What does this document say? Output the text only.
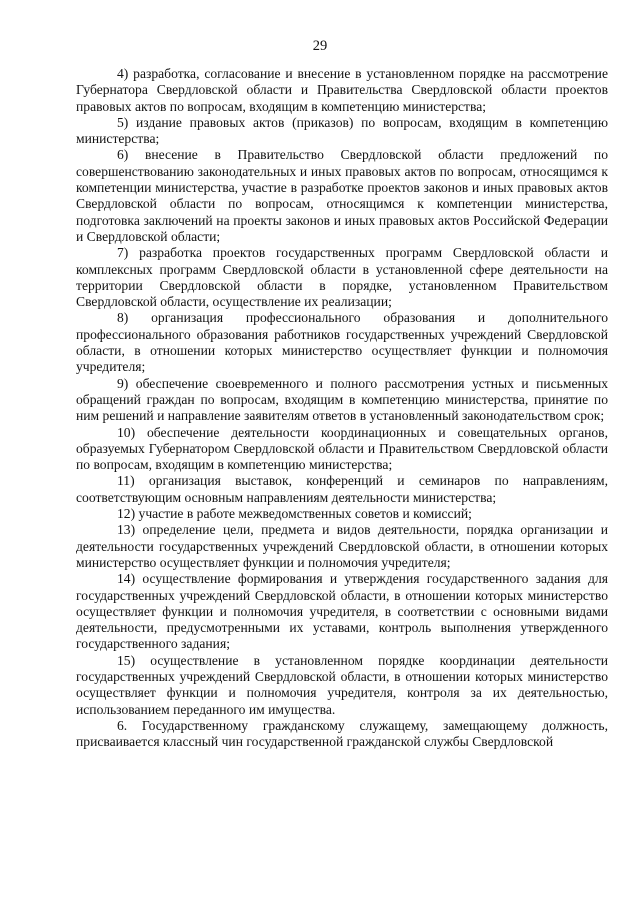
29

4) разработка, согласование и внесение в установленном порядке на рассмотрение Губернатора Свердловской области и Правительства Свердловской области проектов правовых актов по вопросам, входящим в компетенцию министерства;

5) издание правовых актов (приказов) по вопросам, входящим в компетенцию министерства;

6) внесение в Правительство Свердловской области предложений по совершенствованию законодательных и иных правовых актов по вопросам, относящимся к компетенции министерства, участие в разработке проектов законов и иных правовых актов Свердловской области по вопросам, относящимся к компетенции министерства, подготовка заключений на проекты законов и иных правовых актов Российской Федерации и Свердловской области;

7) разработка проектов государственных программ Свердловской области и комплексных программ Свердловской области в установленной сфере деятельности на территории Свердловской области в порядке, установленном Правительством Свердловской области, осуществление их реализации;

8) организация профессионального образования и дополнительного профессионального образования работников государственных учреждений Свердловской области, в отношении которых министерство осуществляет функции и полномочия учредителя;

9) обеспечение своевременного и полного рассмотрения устных и письменных обращений граждан по вопросам, входящим в компетенцию министерства, принятие по ним решений и направление заявителям ответов в установленный законодательством срок;

10) обеспечение деятельности координационных и совещательных органов, образуемых Губернатором Свердловской области и Правительством Свердловской области по вопросам, входящим в компетенцию министерства;

11) организация выставок, конференций и семинаров по направлениям, соответствующим основным направлениям деятельности министерства;

12) участие в работе межведомственных советов и комиссий;

13) определение цели, предмета и видов деятельности, порядка организации и деятельности государственных учреждений Свердловской области, в отношении которых министерство осуществляет функции и полномочия учредителя;

14) осуществление формирования и утверждения государственного задания для государственных учреждений Свердловской области, в отношении которых министерство осуществляет функции и полномочия учредителя, в соответствии с основными видами деятельности, предусмотренными их уставами, контроль выполнения утвержденного государственного задания;

15) осуществление в установленном порядке координации деятельности государственных учреждений Свердловской области, в отношении которых министерство осуществляет функции и полномочия учредителя, контроля за их деятельностью, использованием переданного им имущества.

6. Государственному гражданскому служащему, замещающему должность, присваивается классный чин государственной гражданской службы Свердловской
